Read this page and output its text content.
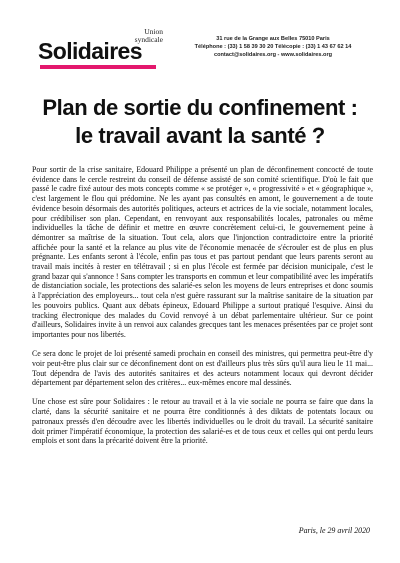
Union
syndicale
Solidaires	31 rue de la Grange aux Belles 75010 Paris
Téléphone : (33) 1 58 39 30 20 Télécopie : (33) 1 43 67 62 14
contact@solidaires.org - www.solidaires.org
Plan de sortie du confinement :
le travail avant la santé ?

Pour sortir de la crise sanitaire, Edouard Philippe a présenté un plan de déconfinement concocté de toute évidence dans le cercle restreint du conseil de défense assisté de son comité scientifique. D'où le fait que passé le cadre fixé autour des mots concepts comme « se protéger », « progressivité » et « géographique », c'est largement le flou qui prédomine. Ne les ayant pas consultés en amont, le gouvernement a de toute évidence besoin désormais des autorités politiques, acteurs et actrices de la vie sociale, notamment locales, pour crédibiliser son plan. Cependant, en renvoyant aux responsabilités locales, patronales ou même individuelles la tâche de définir et mettre en œuvre concrètement celui-ci, le gouvernement peine à démontrer sa maîtrise de la situation. Tout cela, alors que l'injonction contradictoire entre la priorité affichée pour la santé et la relance au plus vite de l'économie menacée de s'écrouler est de plus en plus prégnante. Les enfants seront à l'école, enfin pas tous et pas partout pendant que leurs parents seront au travail mais incités à rester en télétravail ; si en plus l'école est fermée par décision municipale, c'est le grand bazar qui s'annonce ! Sans compter les transports en commun et leur compatibilité avec les impératifs de distanciation sociale, les protections des salarié-es selon les moyens de leurs entreprises et donc soumis à l'appréciation des employeurs... tout cela n'est guère rassurant sur la maîtrise sanitaire de la situation par les pouvoirs publics. Quant aux débats épineux, Edouard Philippe a surtout pratiqué l'esquive. Ainsi du tracking électronique des malades du Covid renvoyé à un débat parlementaire ultérieur. Sur ce point d'ailleurs, Solidaires invite à un renvoi aux calandes grecques tant les menaces présentées par ce projet sont importantes pour nos libertés.

Ce sera donc le projet de loi présenté samedi prochain en conseil des ministres, qui permettra peut-être d'y voir peut-être plus clair sur ce déconfinement dont on est d'ailleurs plus très sûrs qu'il aura lieu le 11 mai... Tout dépendra de l'avis des autorités sanitaires et des acteurs notamment locaux qui devront décider département par département selon des critères... eux-mêmes encore mal dessinés.

Une chose est sûre pour Solidaires : le retour au travail et à la vie sociale ne pourra se faire que dans la clarté, dans la sécurité sanitaire et ne pourra être conditionnés à des diktats de potentats locaux ou patronaux pressés d'en découdre avec les libertés individuelles ou le droit du travail. La sécurité sanitaire doit primer l'impératif économique, la protection des salarié-es et de tous ceux et celles qui ont perdu leurs emplois et sont dans la précarité doivent être la priorité.

Paris, le 29 avril 2020
